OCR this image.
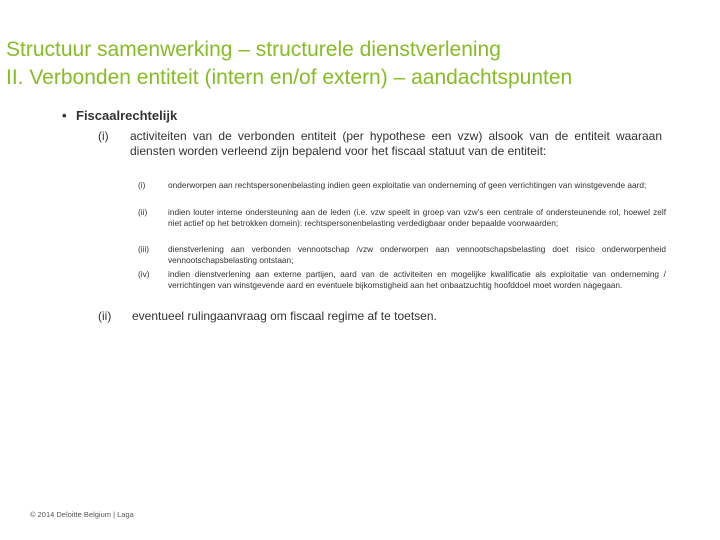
Structuur samenwerking – structurele dienstverlening
II. Verbonden entiteit (intern en/of extern) – aandachtspunten
• Fiscaalrechtelijk
(i)	activiteiten van de verbonden entiteit (per hypothese een vzw) alsook van de entiteit waaraan diensten worden verleend zijn bepalend voor het fiscaal statuut van de entiteit:
(i)	onderworpen aan rechtspersonenbelasting indien geen exploitatie van onderneming of geen verrichtingen van winstgevende aard;
(ii)	indien louter interne ondersteuning aan de leden (i.e. vzw speelt in groep van vzw's een centrale of ondersteunende rol, hoewel zelf niet actief op het betrokken domein): rechtspersonenbelasting verdedigbaar onder bepaalde voorwaarden;
(iii) dienstverlening aan verbonden vennootschap /vzw onderworpen aan vennootschapsbelasting doet risico onderworpenheid vennootschapsbelasting ontstaan;
(iv) indien dienstverlening aan externe partijen, aard van de activiteiten en mogelijke kwalificatie als exploitatie van onderneming / verrichtingen van winstgevende aard en eventuele bijkomstigheid aan het onbaatzuchtig hoofddoel moet worden nagegaan.
(ii)	eventueel rulingaanvraag om fiscaal regime af te toetsen.
© 2014 Deloitte Belgium | Laga
